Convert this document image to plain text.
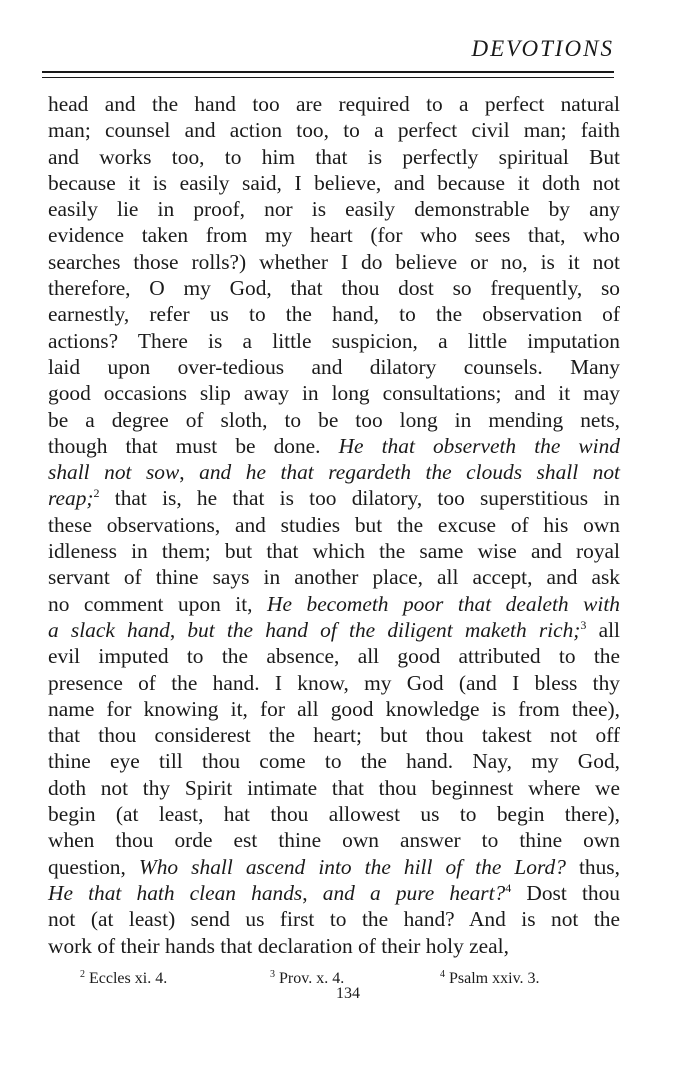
DEVOTIONS
head and the hand too are required to a perfect natural
man; counsel and action too, to a perfect civil man; faith
and works too, to him that is perfectly spiritual But
because it is easily said, I believe, and because it doth not
easily lie in proof, nor is easily demonstrable by any
evidence taken from my heart (for who sees that, who
searches those rolls?) whether I do believe or no, is it not
therefore, O my God, that thou dost so frequently, so
earnestly, refer us to the hand, to the observation of
actions? There is a little suspicion, a little imputation
laid upon over-tedious and dilatory counsels. Many
good occasions slip away in long consultations; and it may
be a degree of sloth, to be too long in mending nets,
though that must be done. He that observeth the wind
shall not sow, and he that regardeth the clouds shall not
reap;$^2$ that is, he that is too dilatory, too superstitious in
these observations, and studies but the excuse of his own
idleness in them; but that which the same wise and royal
servant of thine says in another place, all accept, and ask
no comment upon it, He becometh poor that dealeth with
a slack hand, but the hand of the diligent maketh rich;$^3$ all
evil imputed to the absence, all good attributed to the
presence of the hand. I know, my God (and I bless thy
name for knowing it, for all good knowledge is from thee),
that thou considerest the heart; but thou takest not off
thine eye till thou come to the hand. Nay, my God,
doth not thy Spirit intimate that thou beginnest where we
begin (at least, hat thou allowest us to begin there),
when thou orde est thine own answer to thine own
question, Who shall ascend into the hill of the Lord? thus,
He that hath clean hands, and a pure heart?$^4$ Dost thou
not (at least) send us first to the hand? And is not the
work of their hands that declaration of their holy zeal,
$^2$ Eccles xi. 4.	$^3$ Prov. x. 4.	$^4$ Psalm xxiv. 3.
134
